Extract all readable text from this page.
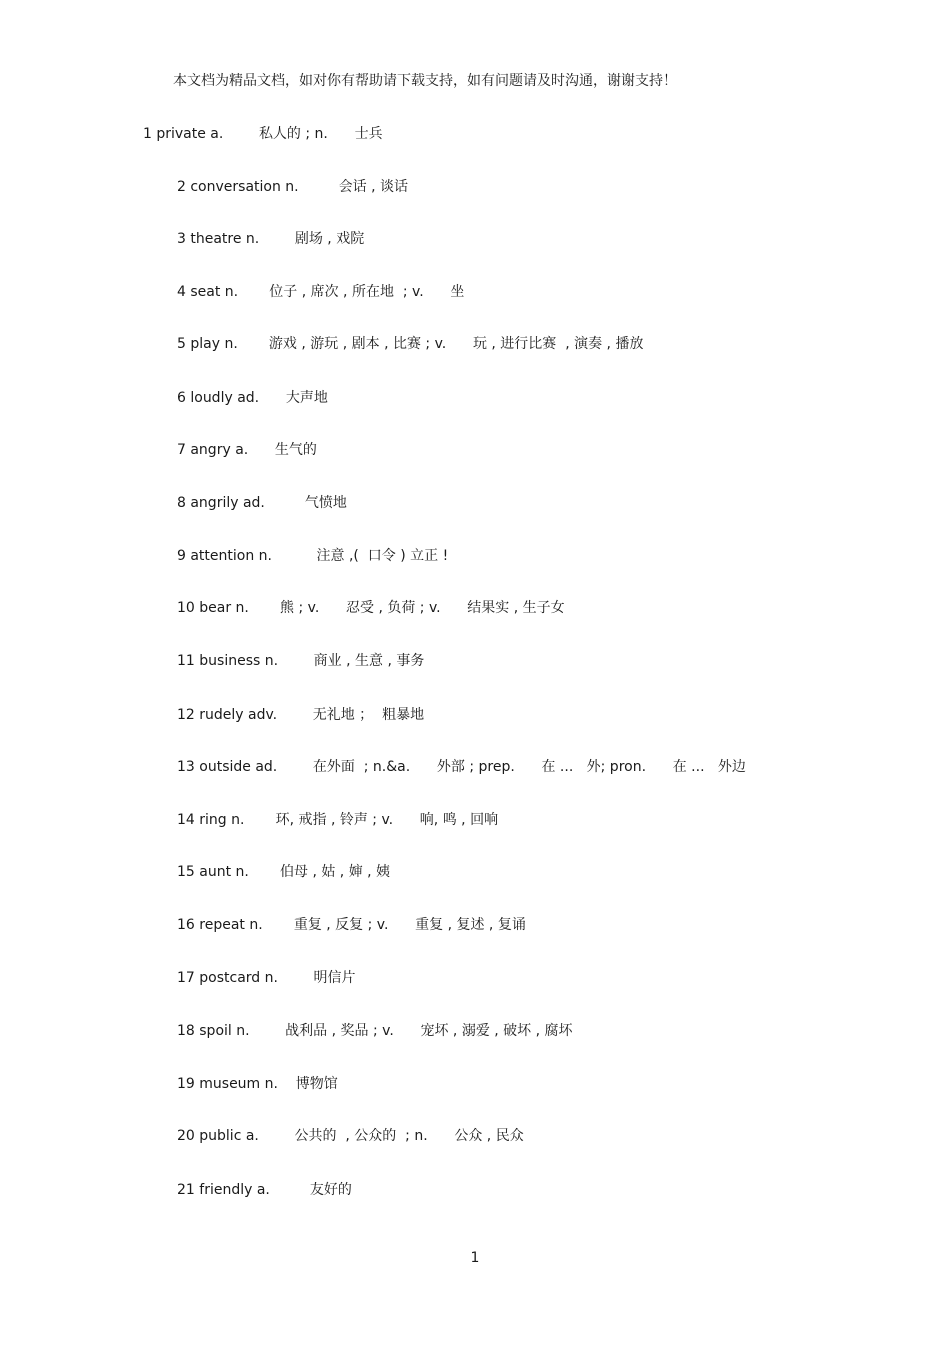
本文档为精品文档，如对你有帮助请下载支持，如有问题请及时沟通，谢谢支持！
1 private a.        私人的 ; n.      士兵
2 conversation n.         会话 , 谈话
3 theatre n.        剧场 , 戏院
4 seat n.       位子 , 席次 , 所在地  ; v.      坐
5 play n.       游戏 , 游玩 , 剧本 , 比赛 ; v.      玩 , 进行比赛  , 演奏 , 播放
6 loudly ad.      大声地
7 angry a.      生气的
8 angrily ad.         气愤地
9 attention n.          注意 ,(  口令 ) 立正 !
10 bear n.       熊 ; v.      忍受 , 负荷 ; v.      结果实 , 生子女
11 business n.        商业 , 生意 , 事务
12 rudely adv.        无礼地 ；  粗暴地
13 outside ad.        在外面  ; n.&a.      外部 ; prep.      在 ...   外; pron.      在 ...   外边
14 ring n.       环, 戒指 , 铃声 ; v.      响, 鸣 , 回响
15 aunt n.       伯母 , 姑 , 婶 , 姨
16 repeat n.       重复 , 反复 ; v.      重复 , 复述 , 复诵
17 postcard n.        明信片
18 spoil n.        战利品 , 奖品 ; v.      宠坏 , 溺爱 , 破坏 , 腐坏
19 museum n.    博物馆
20 public a.        公共的  , 公众的  ; n.      公众 , 民众
21 friendly a.         友好的
1
